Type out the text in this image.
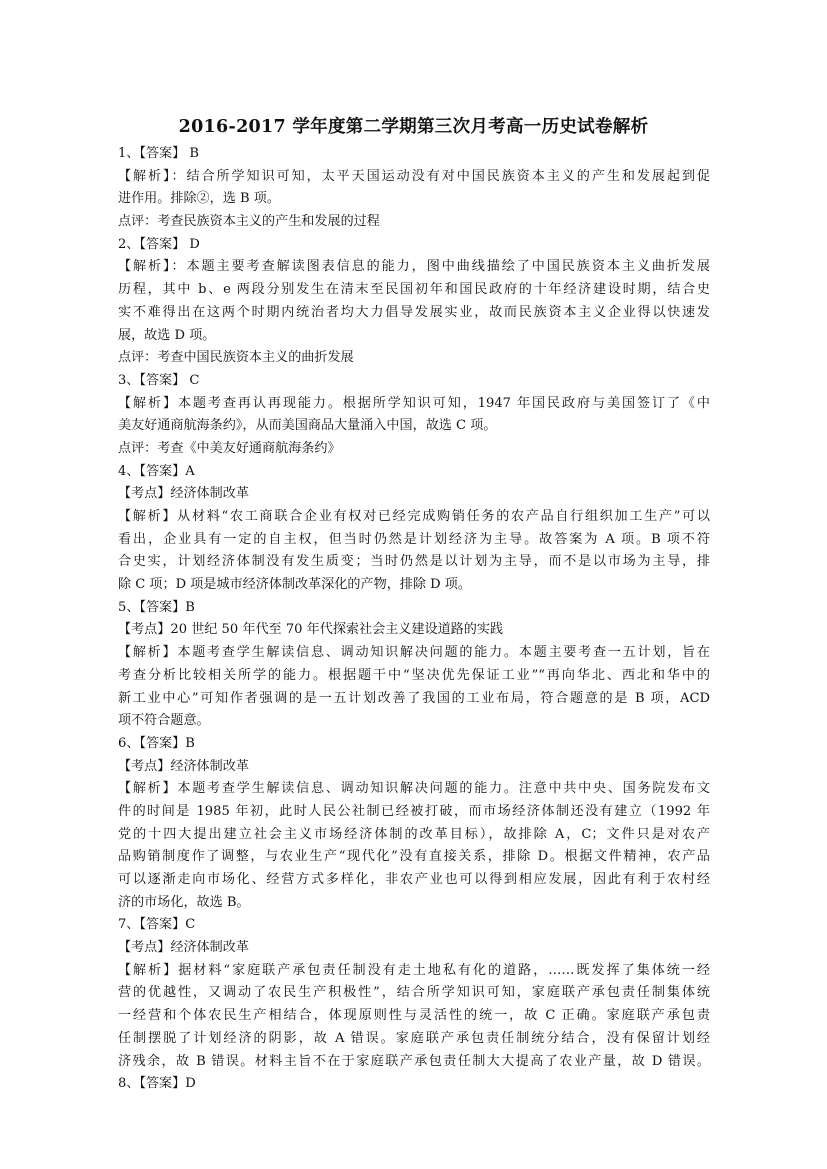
2016-2017 学年度第二学期第三次月考高一历史试卷解析
1、【答案】 B
【解析】：结合所学知识可知，太平天国运动没有对中国民族资本主义的产生和发展起到促
进作用。排除②，选 B 项。
点评：考查民族资本主义的产生和发展的过程
2、【答案】 D
【解析】：本题主要考查解读图表信息的能力，图中曲线描绘了中国民族资本主义曲折发展
历程，其中 b、e 两段分别发生在清末至民国初年和国民政府的十年经济建设时期，结合史
实不难得出在这两个时期内统治者均大力倡导发展实业，故而民族资本主义企业得以快速发
展，故选 D 项。
点评：考查中国民族资本主义的曲折发展
3、【答案】 C
【解析】本题考查再认再现能力。根据所学知识可知，1947 年国民政府与美国签订了《中
美友好通商航海条约》，从而美国商品大量涌入中国，故选 C 项。
点评：考查《中美友好通商航海条约》
4、【答案】A
【考点】经济体制改革
【解析】从材料“农工商联合企业有权对已经完成购销任务的农产品自行组织加工生产”可以
看出，企业具有一定的自主权，但当时仍然是计划经济为主导。故答案为 A 项。B 项不符
合史实，计划经济体制没有发生质变；当时仍然是以计划为主导，而不是以市场为主导，排
除 C 项；D 项是城市经济体制改革深化的产物，排除 D 项。
5、【答案】B
【考点】20 世纪 50 年代至 70 年代探索社会主义建设道路的实践
【解析】本题考查学生解读信息、调动知识解决问题的能力。本题主要考查一五计划，旨在
考查分析比较相关所学的能力。根据题干中“坚决优先保证工业”“再向华北、西北和华中的
新工业中心”可知作者强调的是一五计划改善了我国的工业布局，符合题意的是 B 项，ACD
项不符合题意。
6、【答案】B
【考点】经济体制改革
【解析】本题考查学生解读信息、调动知识解决问题的能力。注意中共中央、国务院发布文
件的时间是 1985 年初，此时人民公社制已经被打破，而市场经济体制还没有建立（1992 年
党的十四大提出建立社会主义市场经济体制的改革目标），故排除 A，C；文件只是对农产
品购销制度作了调整，与农业生产“现代化”没有直接关系，排除 D。根据文件精神，农产品
可以逐渐走向市场化、经营方式多样化，非农产业也可以得到相应发展，因此有利于农村经
济的市场化，故选 B。
7、【答案】C
【考点】经济体制改革
【解析】据材料“家庭联产承包责任制没有走土地私有化的道路，……既发挥了集体统一经
营的优越性，又调动了农民生产积极性”，结合所学知识可知，家庭联产承包责任制集体统
一经营和个体农民生产相结合，体现原则性与灵活性的统一，故 C 正确。家庭联产承包责
任制摆脱了计划经济的阴影，故 A 错误。家庭联产承包责任制统分结合，没有保留计划经
济残余，故 B 错误。材料主旨不在于家庭联产承包责任制大大提高了农业产量，故 D 错误。
8、【答案】D
